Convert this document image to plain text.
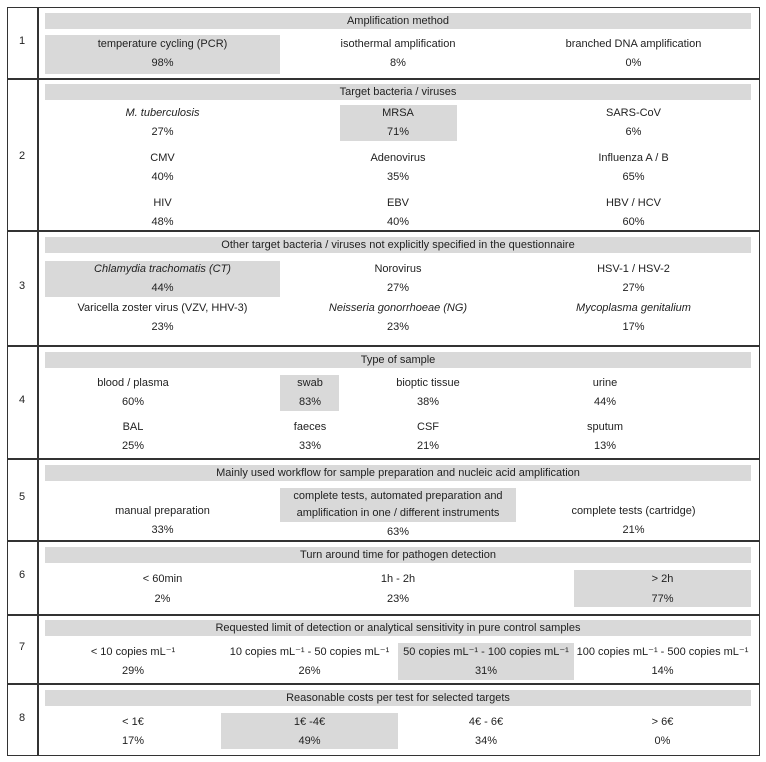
1
Amplification method
temperature cycling (PCR)
98%
isothermal amplification
8%
branched DNA amplification
0%
2
Target bacteria / viruses
M. tuberculosis
27%
MRSA
71%
SARS-CoV
6%
CMV
40%
Adenovirus
35%
Influenza A / B
65%
HIV
48%
EBV
40%
HBV / HCV
60%
3
Other target bacteria / viruses not explicitly specified in the questionnaire
Chlamydia trachomatis (CT)
44%
Norovirus
27%
HSV-1 / HSV-2
27%
Varicella zoster virus (VZV, HHV-3)
23%
Neisseria gonorrhoeae (NG)
23%
Mycoplasma genitalium
17%
4
Type of sample
blood / plasma
60%
swab
83%
bioptic tissue
38%
urine
44%
BAL
25%
faeces
33%
CSF
21%
sputum
13%
5
Mainly used workflow for sample preparation and nucleic acid amplification
manual preparation
33%
complete tests, automated preparation and
amplification in one / different instruments
63%
complete tests (cartridge)
21%
6
Turn around time for pathogen detection
< 60min
2%
1h - 2h
23%
> 2h
77%
7
Requested limit of detection or analytical sensitivity in pure control samples
< 10 copies mL⁻¹
29%
10 copies mL⁻¹ - 50 copies mL⁻¹
26%
50 copies mL⁻¹ - 100 copies mL⁻¹
31%
100 copies mL⁻¹ - 500 copies mL⁻¹
14%
8
Reasonable costs per test for selected targets
< 1€
17%
1€ -4€
49%
4€ - 6€
34%
> 6€
0%
